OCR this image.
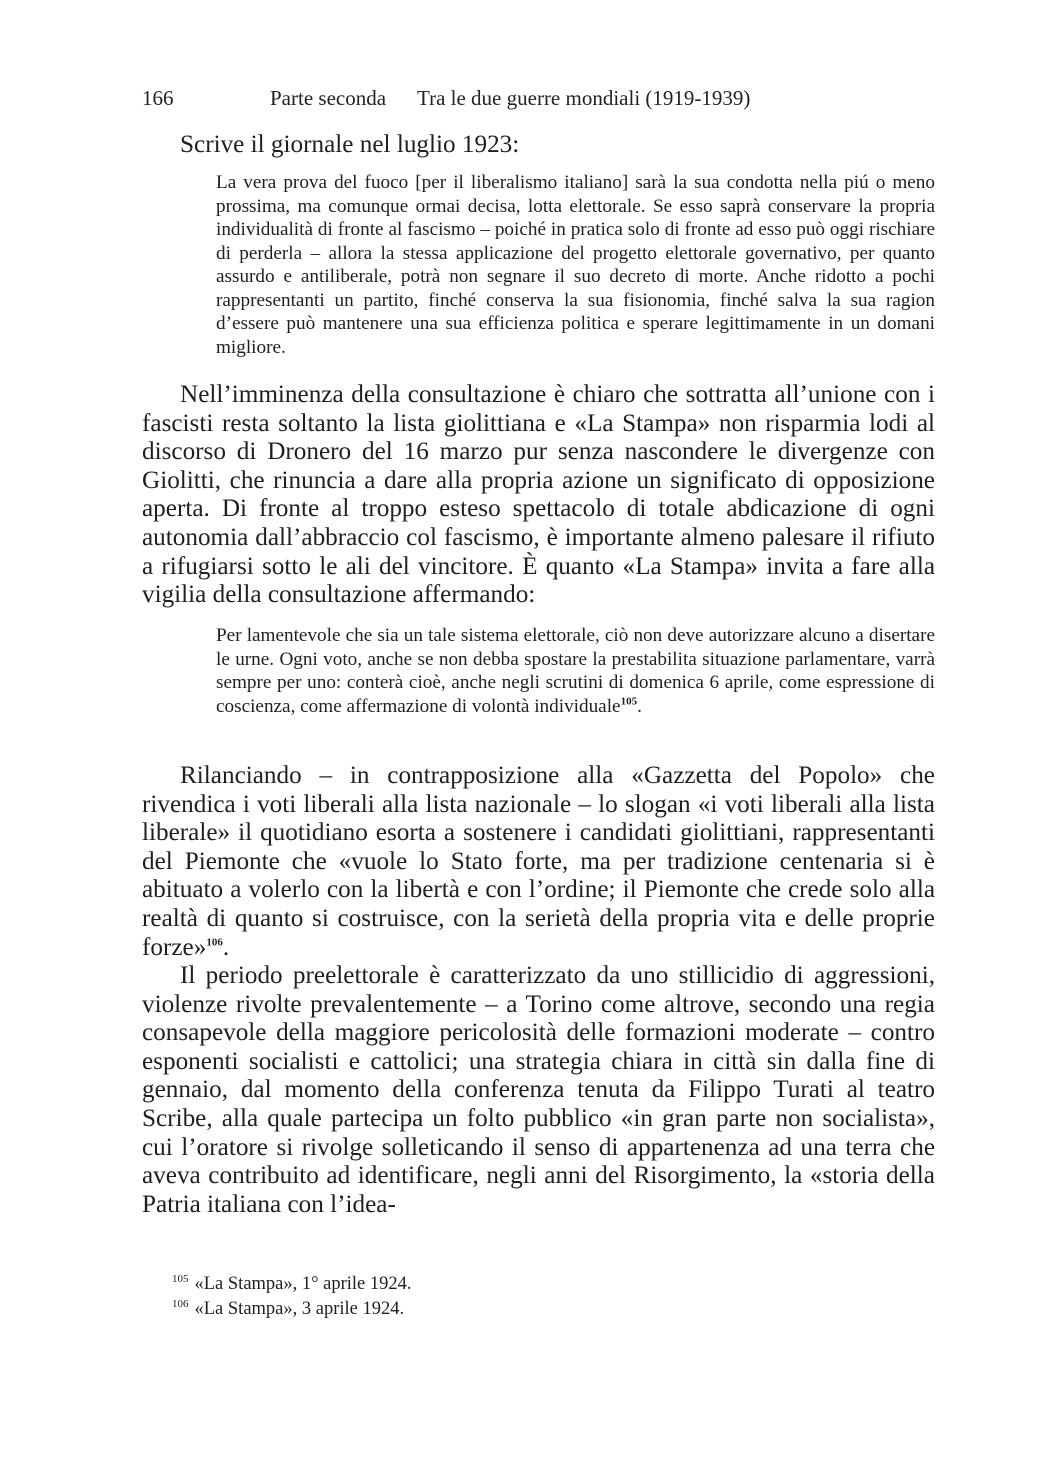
166	Parte seconda Tra le due guerre mondiali (1919-1939)
Scrive il giornale nel luglio 1923:

La vera prova del fuoco [per il liberalismo italiano] sarà la sua condotta nella piú o meno prossima, ma comunque ormai decisa, lotta elettorale. Se esso saprà conservare la propria individualità di fronte al fascismo – poiché in pratica solo di fronte ad esso può oggi rischiare di perderla – allora la stessa applicazione del progetto elettorale governativo, per quanto assurdo e antiliberale, potrà non segnare il suo decreto di morte. Anche ridotto a pochi rappresentanti un partito, finché conserva la sua fisionomia, finché salva la sua ragion d’essere può mantenere una sua efficienza politica e sperare legittimamente in un domani migliore.

Nell’imminenza della consultazione è chiaro che sottratta all’unione con i fascisti resta soltanto la lista giolittiana e «La Stampa» non risparmia lodi al discorso di Dronero del 16 marzo pur senza nascondere le divergenze con Giolitti, che rinuncia a dare alla propria azione un significato di opposizione aperta. Di fronte al troppo esteso spettacolo di totale abdicazione di ogni autonomia dall’abbraccio col fascismo, è importante almeno palesare il rifiuto a rifugiarsi sotto le ali del vincitore. È quanto «La Stampa» invita a fare alla vigilia della consultazione affermando:

Per lamentevole che sia un tale sistema elettorale, ciò non deve autorizzare alcuno a disertare le urne. Ogni voto, anche se non debba spostare la prestabilita situazione parlamentare, varrà sempre per uno: conterà cioè, anche negli scrutini di domenica 6 aprile, come espressione di coscienza, come affermazione di volontà individuale$^{105}$.

Rilanciando – in contrapposizione alla «Gazzetta del Popolo» che rivendica i voti liberali alla lista nazionale – lo slogan «i voti liberali alla lista liberale» il quotidiano esorta a sostenere i candidati giolittiani, rappresentanti del Piemonte che «vuole lo Stato forte, ma per tradizione centenaria si è abituato a volerlo con la libertà e con l’ordine; il Piemonte che crede solo alla realtà di quanto si costruisce, con la serietà della propria vita e delle proprie forze»$^{106}$.

Il periodo preelettorale è caratterizzato da uno stillicidio di aggressioni, violenze rivolte prevalentemente – a Torino come altrove, secondo una regia consapevole della maggiore pericolosità delle formazioni moderate – contro esponenti socialisti e cattolici; una strategia chiara in città sin dalla fine di gennaio, dal momento della conferenza tenuta da Filippo Turati al teatro Scribe, alla quale partecipa un folto pubblico «in gran parte non socialista», cui l’oratore si rivolge solleticando il senso di appartenenza ad una terra che aveva contribuito ad identificare, negli anni del Risorgimento, la «storia della Patria italiana con l’idea-

$^{105}$ «La Stampa», 1° aprile 1924.

$^{106}$ «La Stampa», 3 aprile 1924.
